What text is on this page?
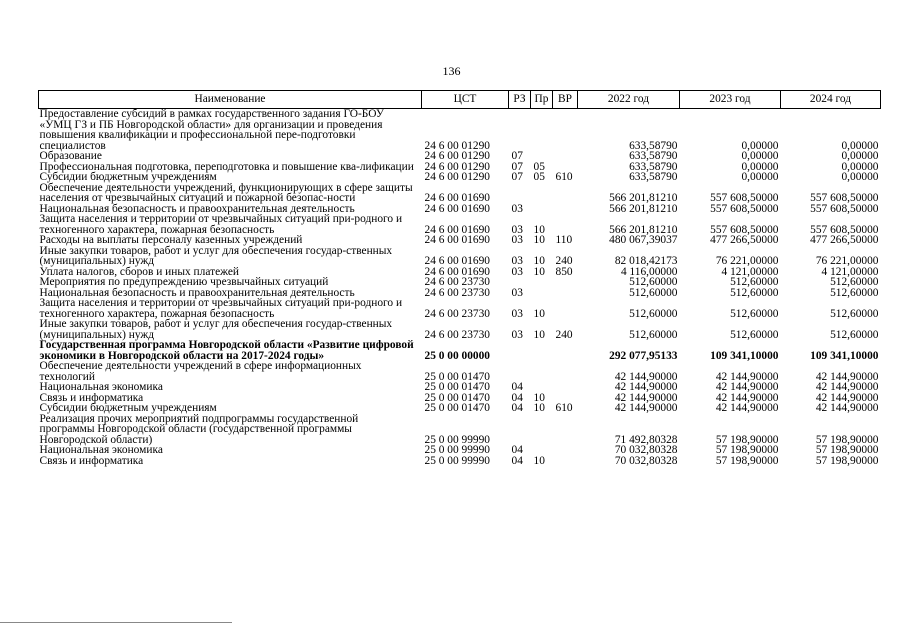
136
Наименование	ЦСТ	РЗ	Пр	ВР	2022 год	2023 год	2024 год
Предоставление субсидий в рамках государственного задания ГО-БОУ «УМЦ ГЗ и ПБ Новгородской области» для организации и проведения повышения квалификации и профессиональной пере-подготовки специалистов	24 6 00 01290				633,58790	0,00000	0,00000
Образование	24 6 00 01290	07			633,58790	0,00000	0,00000
Профессиональная подготовка, переподготовка и повышение ква-лификации	24 6 00 01290	07	05		633,58790	0,00000	0,00000
Субсидии бюджетным учреждениям	24 6 00 01290	07	05	610	633,58790	0,00000	0,00000
Обеспечение деятельности учреждений, функционирующих в сфере защиты населения от чрезвычайных ситуаций и пожарной безопас-ности	24 6 00 01690				566 201,81210	557 608,50000	557 608,50000
Национальная безопасность и правоохранительная деятельность	24 6 00 01690	03			566 201,81210	557 608,50000	557 608,50000
Защита населения и территории от чрезвычайных ситуаций при-родного и техногенного характера, пожарная безопасность	24 6 00 01690	03	10		566 201,81210	557 608,50000	557 608,50000
Расходы на выплаты персоналу казенных учреждений	24 6 00 01690	03	10	110	480 067,39037	477 266,50000	477 266,50000
Иные закупки товаров, работ и услуг для обеспечения государ-ственных (муниципальных) нужд	24 6 00 01690	03	10	240	82 018,42173	76 221,00000	76 221,00000
Уплата налогов, сборов и иных платежей	24 6 00 01690	03	10	850	4 116,00000	4 121,00000	4 121,00000
Мероприятия по предупреждению чрезвычайных ситуаций	24 6 00 23730				512,60000	512,60000	512,60000
Национальная безопасность и правоохранительная деятельность	24 6 00 23730	03			512,60000	512,60000	512,60000
Защита населения и территории от чрезвычайных ситуаций при-родного и техногенного характера, пожарная безопасность	24 6 00 23730	03	10		512,60000	512,60000	512,60000
Иные закупки товаров, работ и услуг для обеспечения государ-ственных (муниципальных) нужд	24 6 00 23730	03	10	240	512,60000	512,60000	512,60000
Государственная программа Новгородской области «Развитие цифровой экономики в Новгородской области на 2017-2024 годы»	25 0 00 00000				292 077,95133	109 341,10000	109 341,10000
Обеспечение деятельности учреждений в сфере информационных технологий	25 0 00 01470				42 144,90000	42 144,90000	42 144,90000
Национальная экономика	25 0 00 01470	04			42 144,90000	42 144,90000	42 144,90000
Связь и информатика	25 0 00 01470	04	10		42 144,90000	42 144,90000	42 144,90000
Субсидии бюджетным учреждениям	25 0 00 01470	04	10	610	42 144,90000	42 144,90000	42 144,90000
Реализация прочих мероприятий подпрограммы государственной программы Новгородской области (государственной программы Новгородской области)	25 0 00 99990				71 492,80328	57 198,90000	57 198,90000
Национальная экономика	25 0 00 99990	04			70 032,80328	57 198,90000	57 198,90000
Связь и информатика	25 0 00 99990	04	10		70 032,80328	57 198,90000	57 198,90000
